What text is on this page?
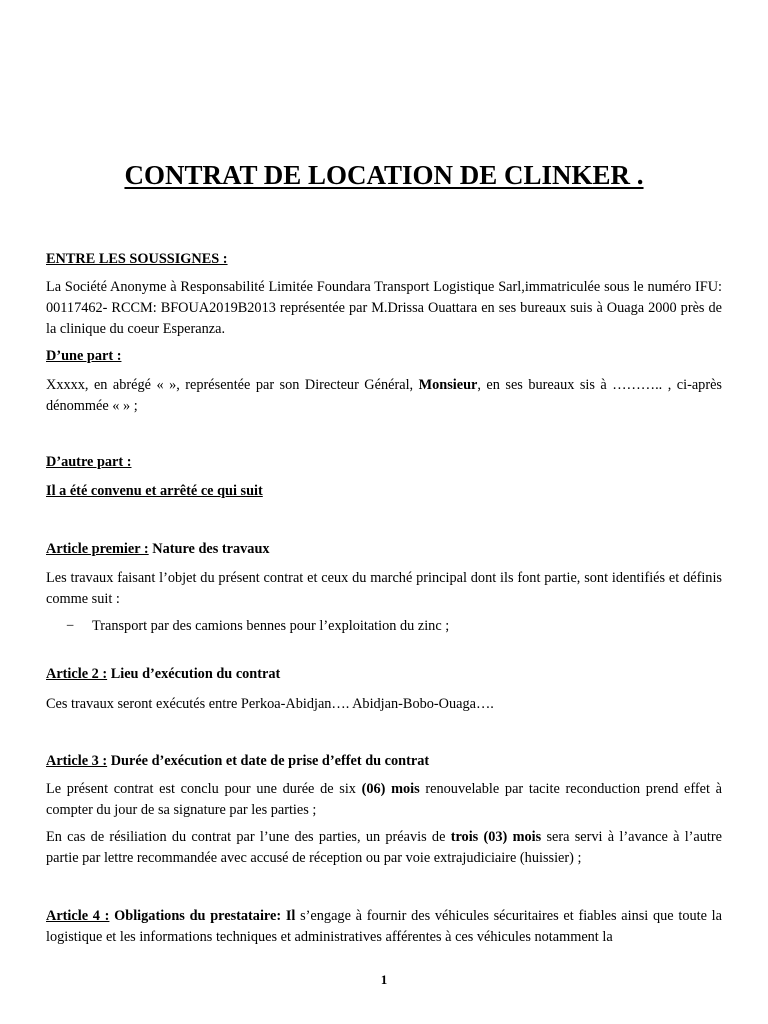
CONTRAT DE LOCATION DE CLINKER .
ENTRE LES SOUSSIGNES :
La Société Anonyme à Responsabilité Limitée Foundara Transport Logistique Sarl,immatriculée sous le numéro IFU: 00117462- RCCM: BFOUA2019B2013 représentée par M.Drissa Ouattara en ses bureaux suis à Ouaga 2000 près de la clinique du coeur Esperanza.
D’une part :
Xxxxx, en abrégé « », représentée par son Directeur Général, Monsieur, en ses bureaux sis à ……….. , ci-après dénommée « » ;
D’autre part :
Il a été convenu et arrêté ce qui suit
Article premier : Nature des travaux
Les travaux faisant l’objet du présent contrat et ceux du marché principal dont ils font partie, sont identifiés et définis comme suit :
− Transport par des camions bennes pour l’exploitation du zinc ;
Article 2 : Lieu d’exécution du contrat
Ces travaux seront exécutés entre Perkoa-Abidjan…. Abidjan-Bobo-Ouaga….
Article 3 : Durée d’exécution et date de prise d’effet du contrat
Le présent contrat est conclu pour une durée de six (06) mois renouvelable par tacite reconduction prend effet à compter du jour de sa signature par les parties ;
En cas de résiliation du contrat par l’une des parties, un préavis de trois (03) mois sera servi à l’avance à l’autre partie par lettre recommandée avec accusé de réception ou par voie extrajudiciaire (huissier) ;
Article 4 : Obligations du prestataire: Il s’engage à fournir des véhicules sécuritaires et fiables ainsi que toute la logistique et les informations techniques et administratives afférentes à ces véhicules notamment la
1
